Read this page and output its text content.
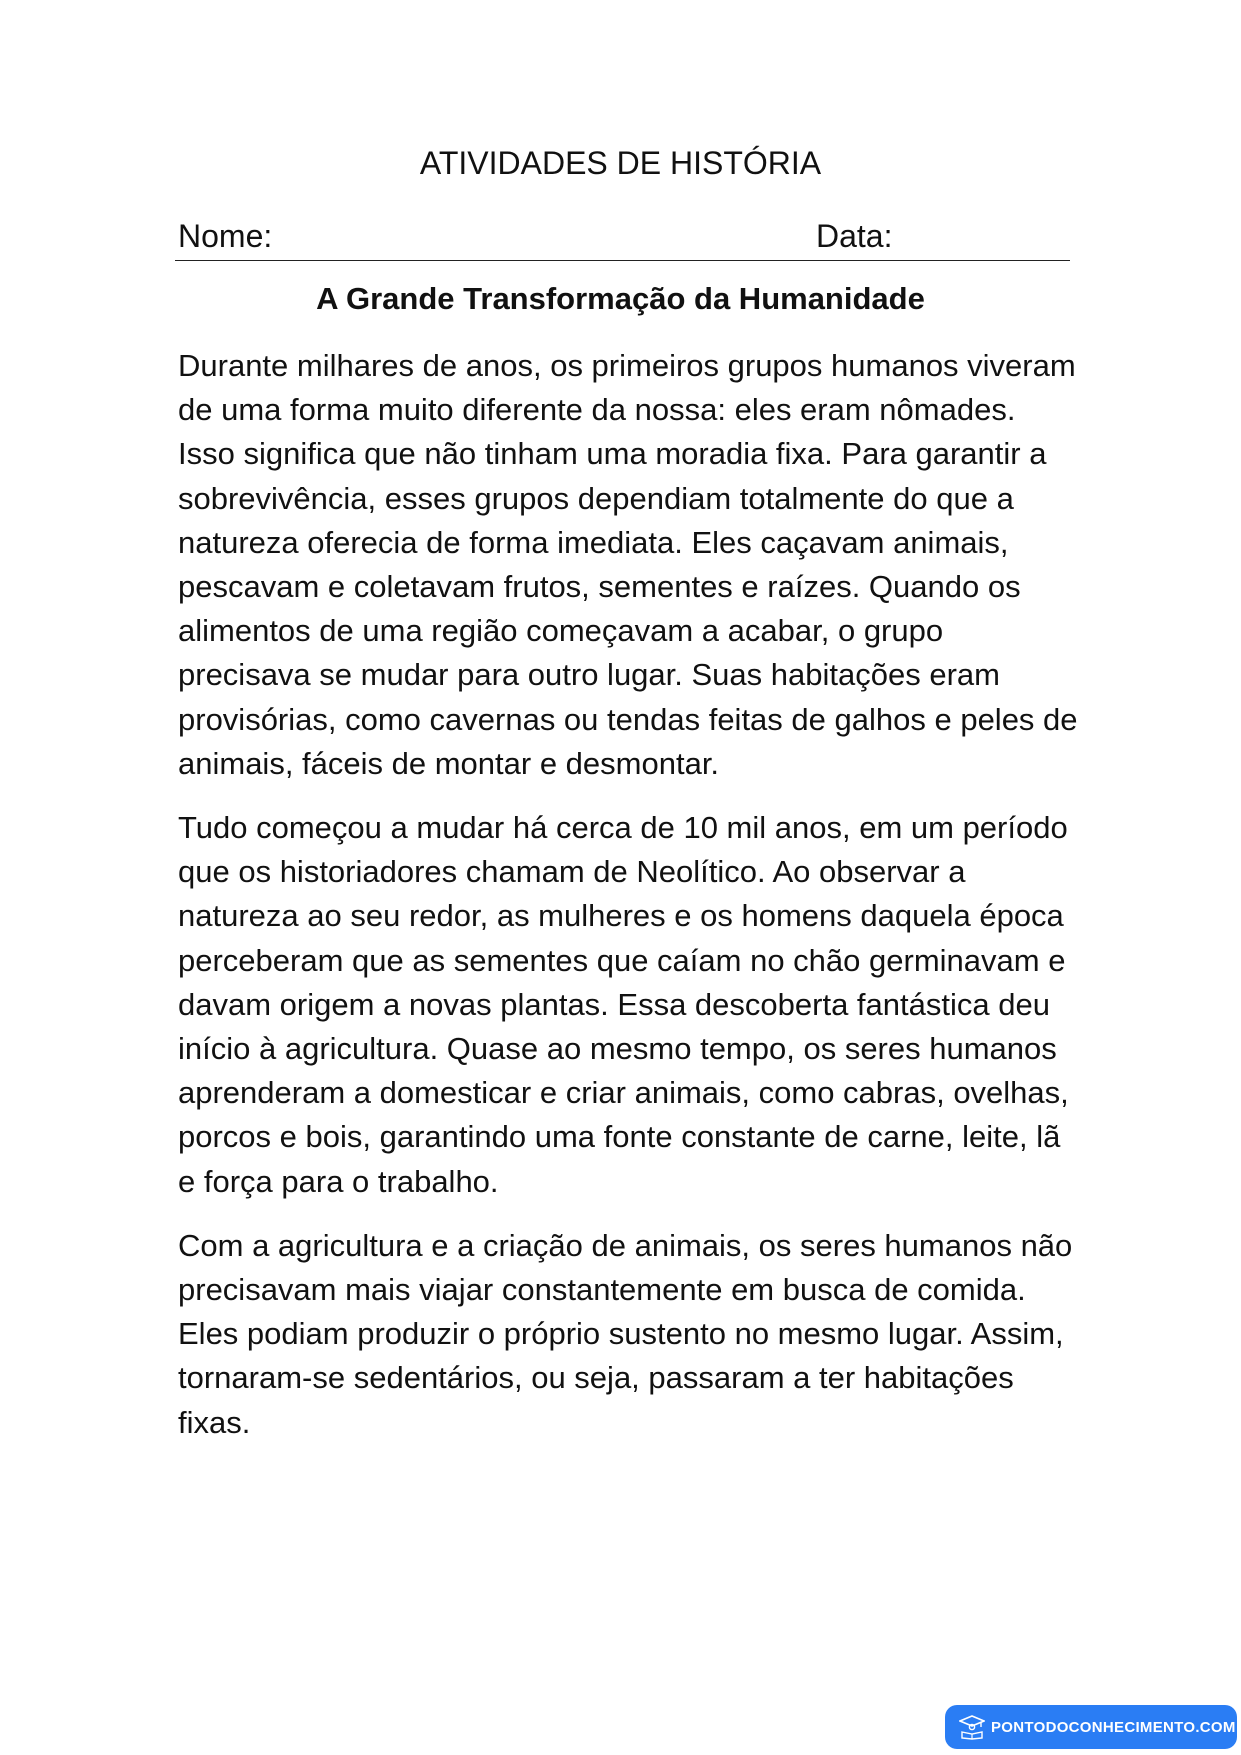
ATIVIDADES DE HISTÓRIA
Nome:	Data:
A Grande Transformação da Humanidade

Durante milhares de anos, os primeiros grupos humanos viveram de uma forma muito diferente da nossa: eles eram nômades. Isso significa que não tinham uma moradia fixa. Para garantir a sobrevivência, esses grupos dependiam totalmente do que a natureza oferecia de forma imediata. Eles caçavam animais, pescavam e coletavam frutos, sementes e raízes. Quando os alimentos de uma região começavam a acabar, o grupo precisava se mudar para outro lugar. Suas habitações eram provisórias, como cavernas ou tendas feitas de galhos e peles de animais, fáceis de montar e desmontar.

Tudo começou a mudar há cerca de 10 mil anos, em um período que os historiadores chamam de Neolítico. Ao observar a natureza ao seu redor, as mulheres e os homens daquela época perceberam que as sementes que caíam no chão germinavam e davam origem a novas plantas. Essa descoberta fantástica deu início à agricultura. Quase ao mesmo tempo, os seres humanos aprenderam a domesticar e criar animais, como cabras, ovelhas, porcos e bois, garantindo uma fonte constante de carne, leite, lã e força para o trabalho.

Com a agricultura e a criação de animais, os seres humanos não precisavam mais viajar constantemente em busca de comida. Eles podiam produzir o próprio sustento no mesmo lugar. Assim, tornaram-se sedentários, ou seja, passaram a ter habitações fixas.

PONTODOCONHECIMENTO.COM
